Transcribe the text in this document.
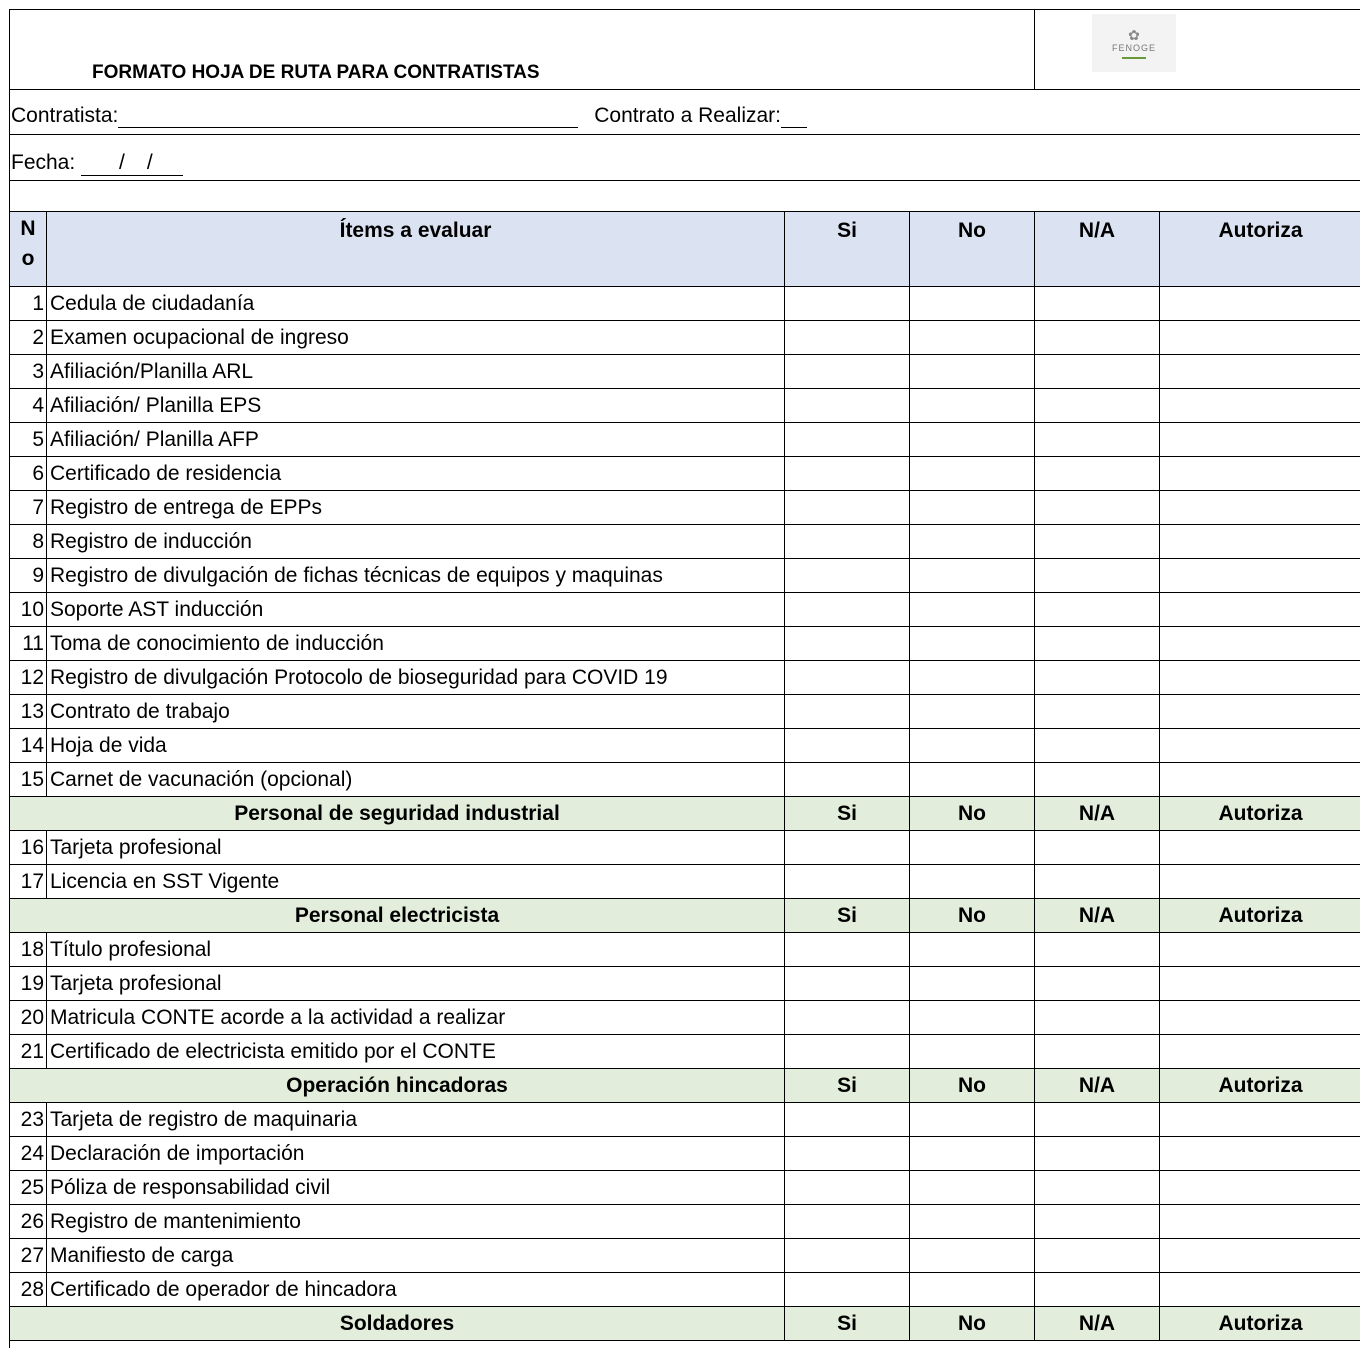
FORMATO HOJA DE RUTA PARA CONTRATISTAS
✿
FENOGE
Contratista:	Contrato a Realizar:
Fecha: / /
N
o	Ítems a evaluar	Si	No	N/A	Autoriza
1	Cedula de ciudadanía				
2	Examen ocupacional de ingreso				
3	Afiliación/Planilla ARL				
4	Afiliación/ Planilla EPS				
5	Afiliación/ Planilla AFP				
6	Certificado de residencia				
7	Registro de entrega de EPPs				
8	Registro de inducción				
9	Registro de divulgación de fichas técnicas de equipos y maquinas				
10	Soporte AST inducción				
11	Toma de conocimiento de inducción				
12	Registro de divulgación Protocolo de bioseguridad para COVID 19				
13	Contrato de trabajo				
14	Hoja de vida				
15	Carnet de vacunación (opcional)				
Personal de seguridad industrial		Si	No	N/A	Autoriza
16	Tarjeta profesional				
17	Licencia en SST Vigente				
Personal electricista		Si	No	N/A	Autoriza
18	Título profesional				
19	Tarjeta profesional				
20	Matricula CONTE acorde a la actividad a realizar				
21	Certificado de electricista emitido por el CONTE				
Operación hincadoras		Si	No	N/A	Autoriza
23	Tarjeta de registro de maquinaria				
24	Declaración de importación				
25	Póliza de responsabilidad civil				
26	Registro de mantenimiento				
27	Manifiesto de carga				
28	Certificado de operador de hincadora				
Soldadores		Si	No	N/A	Autoriza
